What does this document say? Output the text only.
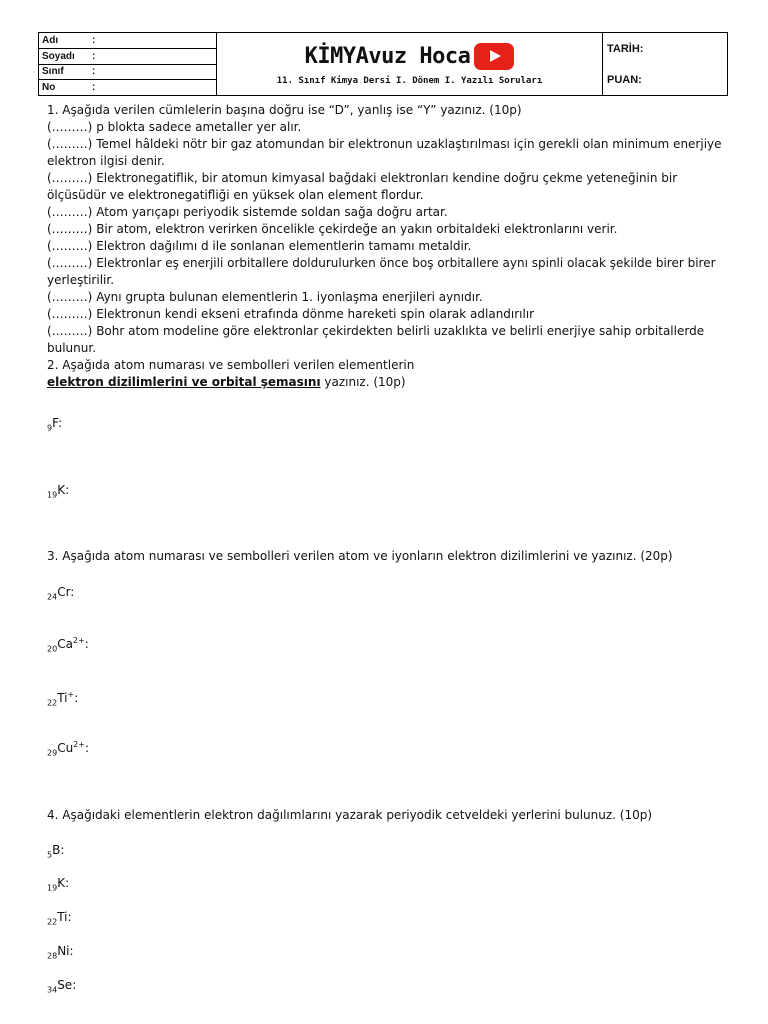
Adı	:
Soyadı	:
Sınıf	:
No	:
KİMYAvuz Hoca
11. Sınıf Kimya Dersi I. Dönem I. Yazılı Soruları
TARİH:
PUAN:

1. Aşağıda verilen cümlelerin başına doğru ise “D”, yanlış ise “Y” yazınız. (10p)

(………) p blokta sadece ametaller yer alır.

(………) Temel hâldeki nötr bir gaz atomundan bir elektronun uzaklaştırılması için gerekli olan minimum enerjiye elektron ilgisi denir.

(………) Elektronegatiflik, bir atomun kimyasal bağdaki elektronları kendine doğru çekme yeteneğinin bir ölçüsüdür ve elektronegatifliği en yüksek olan element flordur.

(………) Atom yarıçapı periyodik sistemde soldan sağa doğru artar.

(………) Bir atom, elektron verirken öncelikle çekirdeğe an yakın orbitaldeki elektronlarını verir.

(………) Elektron dağılımı d ile sonlanan elementlerin tamamı metaldir.

(………) Elektronlar eş enerjili orbitallere doldurulurken önce boş orbitallere aynı spinli olacak şekilde birer birer yerleştirilir.

(………) Aynı grupta bulunan elementlerin 1. iyonlaşma enerjileri aynıdır.

(………) Elektronun kendi ekseni etrafında dönme hareketi spin olarak adlandırılır

(………) Bohr atom modeline göre elektronlar çekirdekten belirli uzaklıkta ve belirli enerjiye sahip orbitallerde bulunur.

2. Aşağıda atom numarası ve sembolleri verilen elementlerin
elektron dizilimlerini ve orbital şemasını yazınız. (10p)

3. Aşağıda atom numarası ve sembolleri verilen atom ve iyonların elektron dizilimlerini ve yazınız. (20p)
4. Aşağıdaki elementlerin elektron dağılımlarını yazarak periyodik cetveldeki yerlerini bulunuz. (10p)
$_9$F:
$_{19}$K:
$_{24}$Cr:
$_{20}Ca^{2+}$:
$_{22}$Ti+:
$_{29}Cu^{2+}$:
$_5$B:
$_{19}$K:
$_{22}$Ti:
$_{28}$Ni:
$_{34}$Se:
